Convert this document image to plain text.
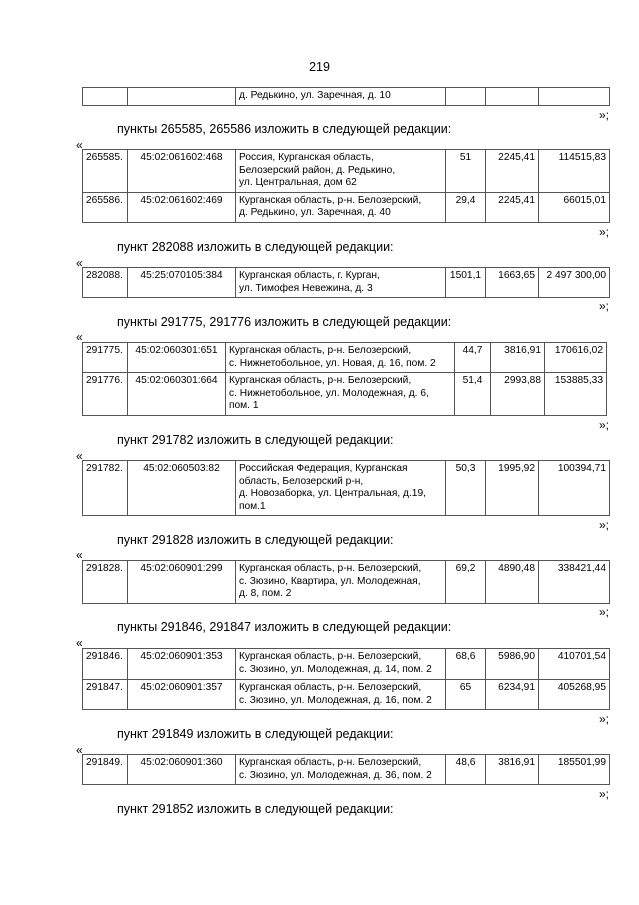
219
		д. Редькино, ул. Заречная, д. 10			
»;
пункты 265585, 265586 изложить в следующей редакции:
«
265585.	45:02:061602:468	Россия, Курганская область,
Белозерский район, д. Редькино,
ул. Центральная, дом 62	51	2245,41	114515,83
265586.	45:02:061602:469	Курганская область, р-н. Белозерский,
д. Редькино, ул. Заречная, д. 40	29,4	2245,41	66015,01
»;
пункт 282088 изложить в следующей редакции:
«
282088.	45:25:070105:384	Курганская область, г. Курган,
ул. Тимофея Невежина, д. 3	1501,1	1663,65	2 497 300,00
»;
пункты 291775, 291776 изложить в следующей редакции:
«
291775.	45:02:060301:651	Курганская область, р-н. Белозерский,
с. Нижнетобольное, ул. Новая, д. 16, пом. 2	44,7	3816,91	170616,02
291776.	45:02:060301:664	Курганская область, р-н. Белозерский,
с. Нижнетобольное, ул. Молодежная, д. 6,
пом. 1	51,4	2993,88	153885,33
»;
пункт 291782 изложить в следующей редакции:
«
291782.	45:02:060503:82	Российская Федерация, Курганская
область, Белозерский р-н,
д. Новозаборка, ул. Центральная, д.19,
пом.1	50,3	1995,92	100394,71
»;
пункт 291828 изложить в следующей редакции:
«
291828.	45:02:060901:299	Курганская область, р-н. Белозерский,
с. Зюзино, Квартира, ул. Молодежная,
д. 8, пом. 2	69,2	4890,48	338421,44
»;
пункты 291846, 291847 изложить в следующей редакции:
«
291846.	45:02:060901:353	Курганская область, р-н. Белозерский,
с. Зюзино, ул. Молодежная, д. 14, пом. 2	68,6	5986,90	410701,54
291847.	45:02:060901:357	Курганская область, р-н. Белозерский,
с. Зюзино, ул. Молодежная, д. 16, пом. 2	65	6234,91	405268,95
»;
пункт 291849 изложить в следующей редакции:
«
291849.	45:02:060901:360	Курганская область, р-н. Белозерский,
с. Зюзино, ул. Молодежная, д. 36, пом. 2	48,6	3816,91	185501,99
»;
пункт 291852 изложить в следующей редакции:
